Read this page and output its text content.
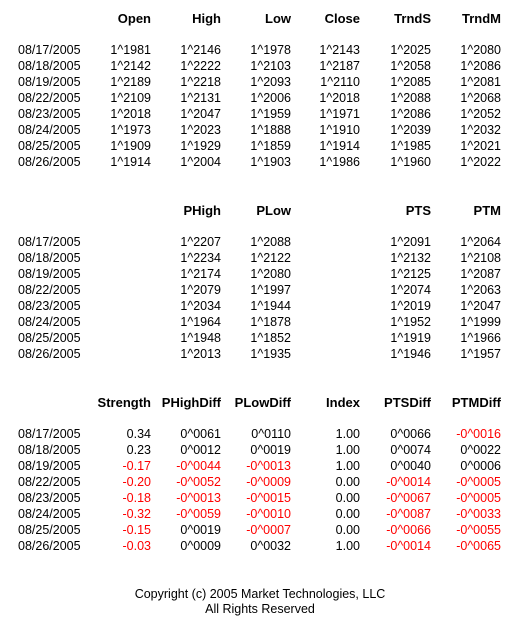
Open	High	Low	Close	TrndS TrndM
08/17/2005 1^1981 1^2146 1^1978 1^2143 1^2025 1^2080
08/18/2005 1^2142 1^2222 1^2103 1^2187 1^2058 1^2086
08/19/2005 1^2189 1^2218 1^2093 1^2110 1^2085 1^2081
08/22/2005 1^2109 1^2131 1^2006 1^2018 1^2088 1^2068
08/23/2005 1^2018 1^2047 1^1959 1^1971 1^2086 1^2052
08/24/2005 1^1973 1^2023 1^1888 1^1910 1^2039 1^2032
08/25/2005 1^1909 1^1929 1^1859 1^1914 1^1985 1^2021
08/26/2005 1^1914 1^2004 1^1903 1^1986 1^1960 1^2022
PHigh	PLow	PTS	PTM
08/17/2005	1^2207 1^2088	1^2091 1^2064
08/18/2005	1^2234 1^2122	1^2132 1^2108
08/19/2005	1^2174 1^2080	1^2125 1^2087
08/22/2005	1^2079 1^1997	1^2074 1^2063
08/23/2005	1^2034 1^1944	1^2019 1^2047
08/24/2005	1^1964 1^1878	1^1952 1^1999
08/25/2005	1^1948 1^1852	1^1919 1^1966
08/26/2005	1^2013 1^1935	1^1946 1^1957
Strength PHighDiff PLowDiff	Index PTSDiff PTMDiff
08/17/2005	0.34 0^0061 0^0110	1.00 0^0066 -0^0016
08/18/2005	0.23 0^0012 0^0019	1.00 0^0074 0^0022
08/19/2005	-0.17 -0^0044 -0^0013	1.00 0^0040 0^0006
08/22/2005	-0.20 -0^0052 -0^0009	0.00 -0^0014 -0^0005
08/23/2005	-0.18 -0^0013 -0^0015	0.00 -0^0067 -0^0005
08/24/2005	-0.32 -0^0059 -0^0010	0.00 -0^0087 -0^0033
08/25/2005	-0.15 0^0019 -0^0007	0.00 -0^0066 -0^0055
08/26/2005	-0.03 0^0009 0^0032	1.00 -0^0014 -0^0065
Copyright (c) 2005 Market Technologies, LLC
All Rights Reserved
